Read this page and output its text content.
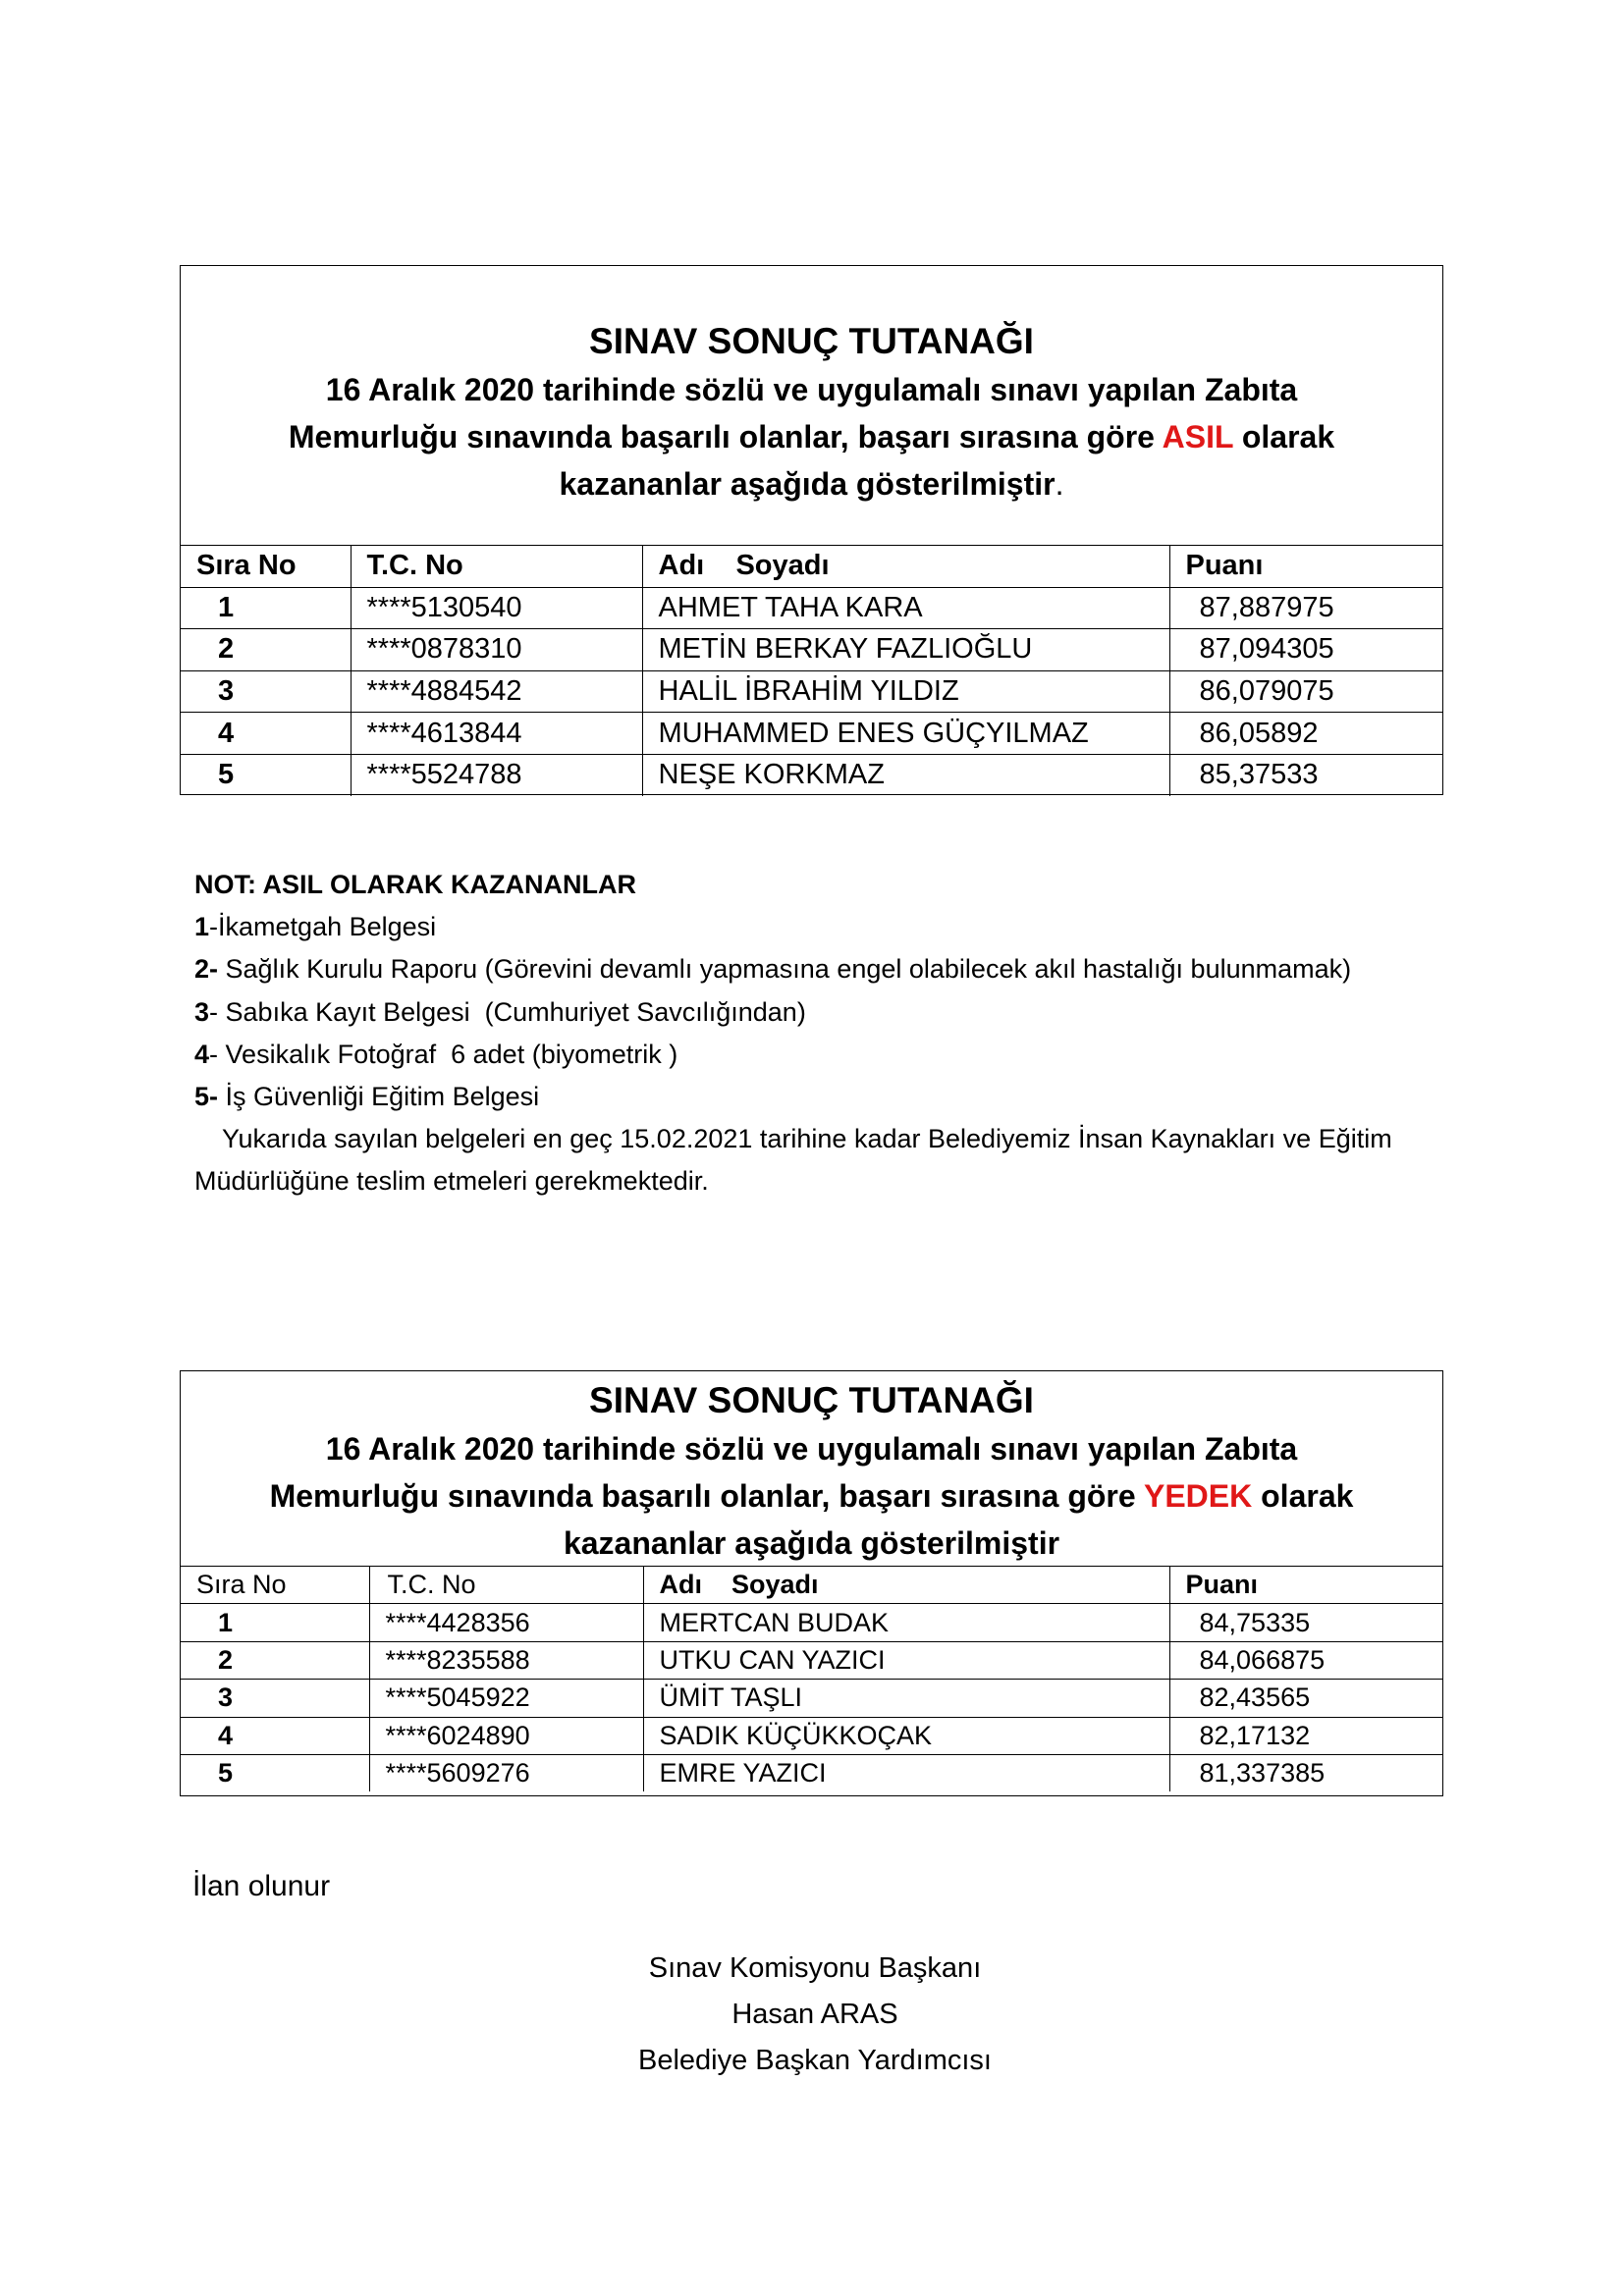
SINAV SONUÇ TUTANAĞI
16 Aralık 2020 tarihinde sözlü ve uygulamalı sınavı yapılan Zabıta
Memurluğu sınavında başarılı olanlar, başarı sırasına göre ASIL olarak
kazananlar aşağıda gösterilmiştir.
Sıra No	T.C. No	Adı    Soyadı	Puanı
1	****5130540	AHMET TAHA KARA	87,887975
2	****0878310	METİN BERKAY FAZLIOĞLU	87,094305
3	****4884542	HALİL İBRAHİM YILDIZ	86,079075
4	****4613844	MUHAMMED ENES GÜÇYILMAZ	86,05892
5	****5524788	NEŞE KORKMAZ	85,37533

NOT: ASIL OLARAK KAZANANLAR

1-İkametgah Belgesi

2- Sağlık Kurulu Raporu (Görevini devamlı yapmasına engel olabilecek akıl hastalığı bulunmamak)

3- Sabıka Kayıt Belgesi  (Cumhuriyet Savcılığından)

4- Vesikalık Fotoğraf  6 adet (biyometrik )

5- İş Güvenliği Eğitim Belgesi

Yukarıda sayılan belgeleri en geç 15.02.2021 tarihine kadar Belediyemiz İnsan Kaynakları ve Eğitim

Müdürlüğüne teslim etmeleri gerekmektedir.

SINAV SONUÇ TUTANAĞI
16 Aralık 2020 tarihinde sözlü ve uygulamalı sınavı yapılan Zabıta
Memurluğu sınavında başarılı olanlar, başarı sırasına göre YEDEK olarak
kazananlar aşağıda gösterilmiştir
Sıra No	T.C. No	Adı    Soyadı	Puanı
1	****4428356	MERTCAN BUDAK	84,75335
2	****8235588	UTKU CAN YAZICI	84,066875
3	****5045922	ÜMİT TAŞLI	82,43565
4	****6024890	SADIK KÜÇÜKKOÇAK	82,17132
5	****5609276	EMRE YAZICI	81,337385
İlan olunur

Sınav Komisyonu Başkanı

Hasan ARAS

Belediye Başkan Yardımcısı
